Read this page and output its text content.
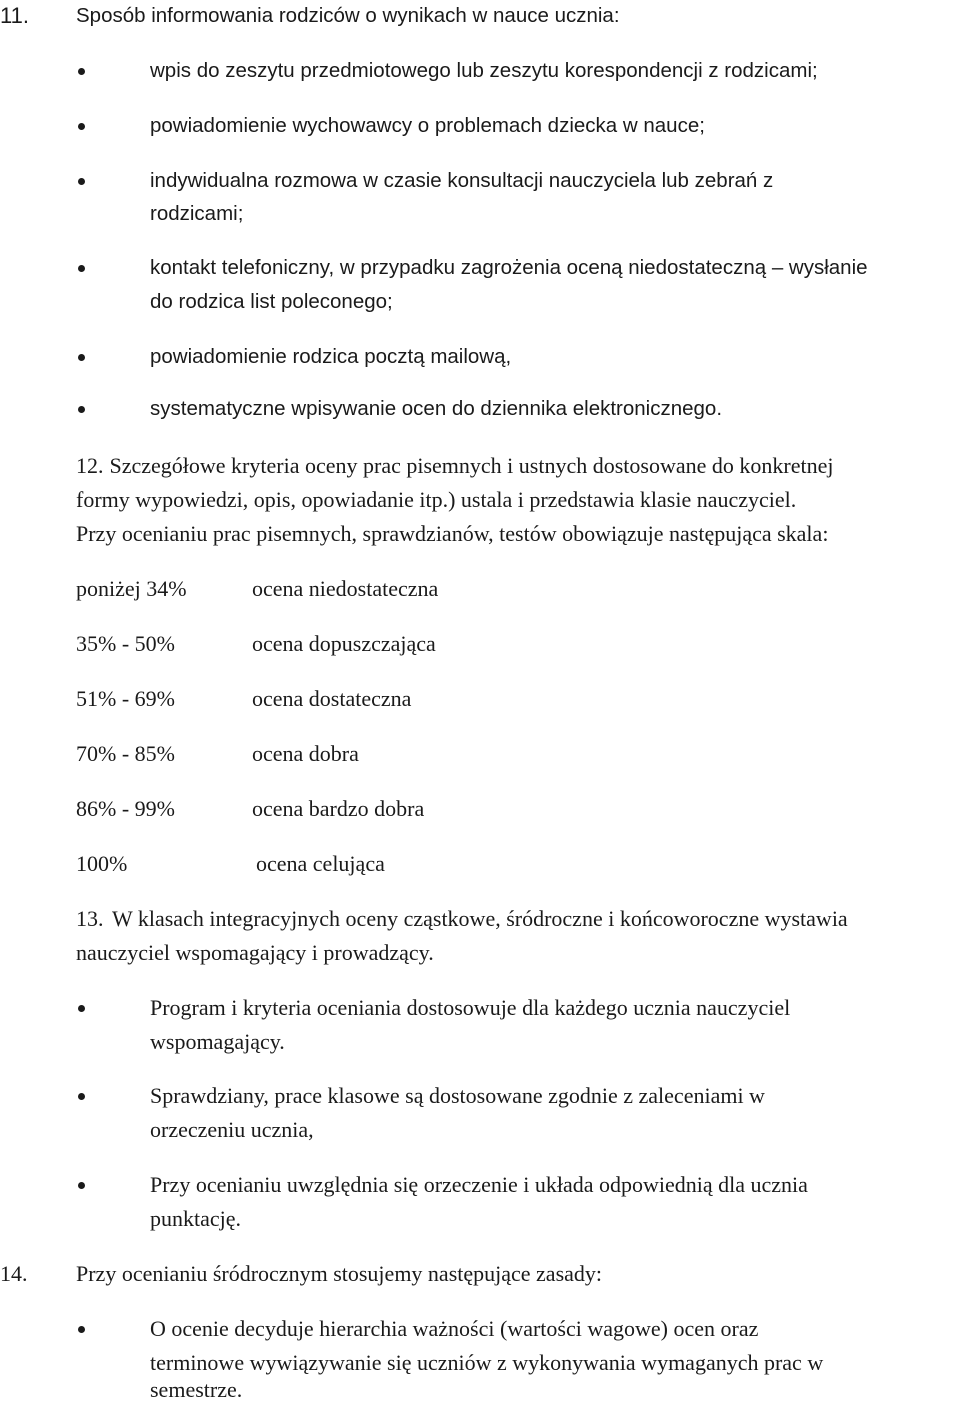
11. Sposób informowania rodziców o wynikach w nauce ucznia:
wpis do zeszytu przedmiotowego lub zeszytu korespondencji z rodzicami;
powiadomienie wychowawcy o problemach dziecka w nauce;
indywidualna rozmowa w czasie konsultacji nauczyciela lub zebrań z
rodzicami;
kontakt telefoniczny, w przypadku zagrożenia oceną niedostateczną – wysłanie
do rodzica list poleconego;
powiadomienie rodzica pocztą mailową,
systematyczne wpisywanie ocen do dziennika elektronicznego.
12. Szczegółowe kryteria oceny prac pisemnych i ustnych dostosowane do konkretnej
formy wypowiedzi, opis, opowiadanie itp.) ustala i przedstawia klasie nauczyciel.
Przy ocenianiu prac pisemnych, sprawdzianów, testów obowiązuje następująca skala:
poniżej 34%	ocena niedostateczna
35% - 50%	ocena dopuszczająca
51% - 69%	ocena dostateczna
70% - 85%	ocena dobra
86% - 99%	ocena bardzo dobra
100%	ocena celująca
13. W klasach integracyjnych oceny cząstkowe, śródroczne i końcoworoczne wystawia
nauczyciel wspomagający i prowadzący.
Program i kryteria oceniania dostosowuje dla każdego ucznia nauczyciel
wspomagający.
Sprawdziany, prace klasowe są dostosowane zgodnie z zaleceniami w
orzeczeniu ucznia,
Przy ocenianiu uwzględnia się orzeczenie i układa odpowiednią dla ucznia
punktację.
14. Przy ocenianiu śródrocznym stosujemy następujące zasady:
O ocenie decyduje hierarchia ważności (wartości wagowe) ocen oraz
terminowe wywiązywanie się uczniów z wykonywania wymaganych prac w
semestrze.
